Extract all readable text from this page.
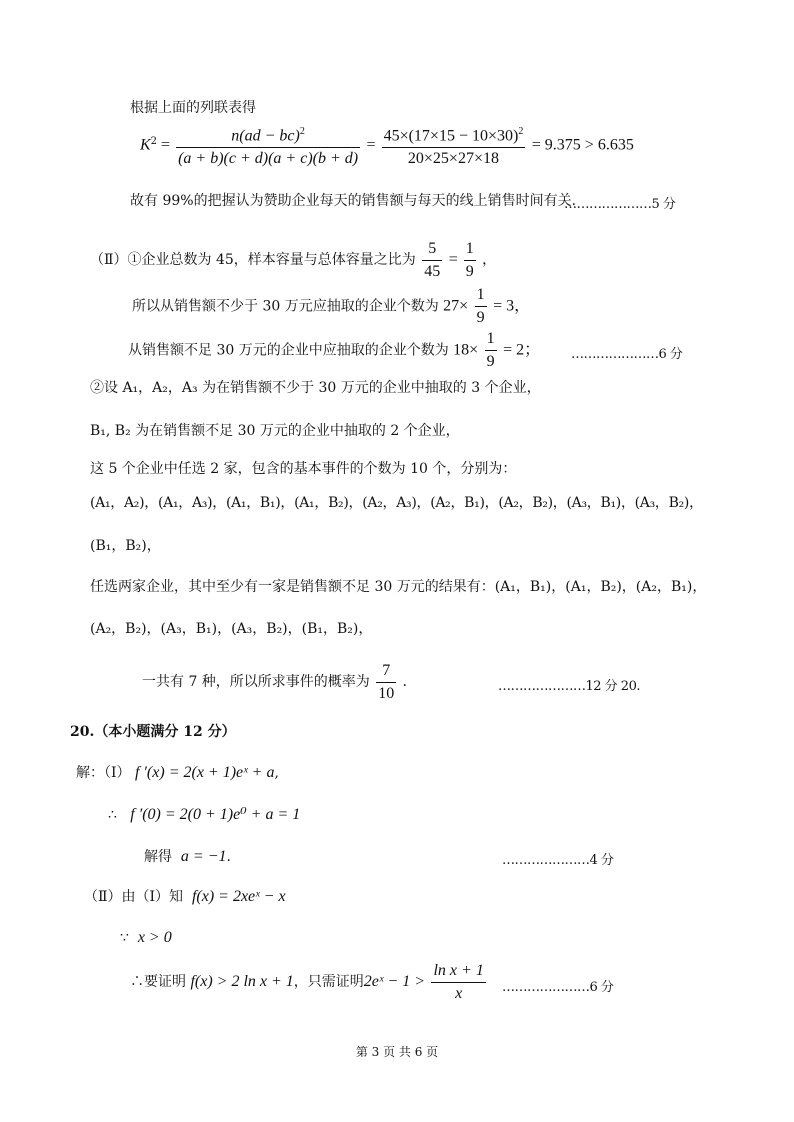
根据上面的列联表得
$K^2 = \frac{n(ad - bc)^2}{(a + b)(c + d)(a + c)(b + d)} = \frac{45\times(17\times 15 - 10\times 30)^2}{20\times 25\times 27\times 18} = 9.375 > 6.635$
故有 99%的把握认为赞助企业每天的销售额与每天的线上销售时间有关.
…………………5 分
（Ⅱ）①企业总数为 45，样本容量与总体容量之比为 $\frac{5}{45} = \frac{1}{9}$ ，
所以从销售额不少于 30 万元应抽取的企业个数为 $27\times \frac{1}{9} = 3$，
从销售额不足 30 万元的企业中应抽取的企业个数为 $18\times \frac{1}{9} = 2$； …………………6 分
②设 A₁，A₂，A₃ 为在销售额不少于 30 万元的企业中抽取的 3 个企业，
B₁, B₂ 为在销售额不足 30 万元的企业中抽取的 2 个企业，
这 5 个企业中任选 2 家，包含的基本事件的个数为 10 个，分别为：
(A₁，A₂)，(A₁，A₃)，(A₁，B₁)，(A₁，B₂)，(A₂，A₃)，(A₂，B₁)，(A₂，B₂)，(A₃，B₁)，(A₃，B₂)，
(B₁，B₂)，
任选两家企业，其中至少有一家是销售额不足 30 万元的结果有：(A₁，B₁)，(A₁，B₂)，(A₂，B₁)，
(A₂，B₂)，(A₃，B₁)，(A₃，B₂)，(B₁，B₂)，
一共有 7 种，所以所求事件的概率为 $\frac{7}{10}$ .	…………………12 分 20.
20.（本小题满分 12 分）
解：（Ⅰ） f ′(x) = 2(x + 1)eˣ + a,
∴ f ′(0) = 2(0 + 1)e⁰ + a = 1
解得 a = −1.	…………………4 分
（Ⅱ）由（Ⅰ）知 f(x) = 2xeˣ − x
∵ x > 0
∴要证明 f(x) > 2 ln x + 1，只需证明2eˣ − $1 > \frac{\text{ln x + 1}}{x}$ …………………6 分
第 3 页 共 6 页
